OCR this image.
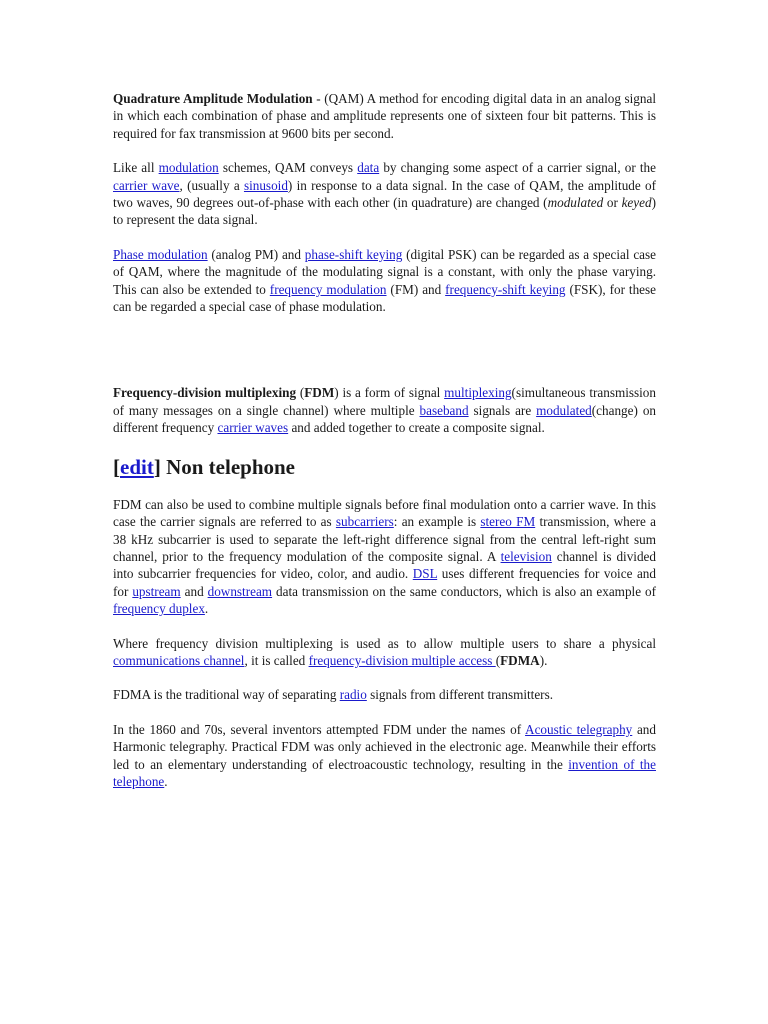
Quadrature Amplitude Modulation - (QAM) A method for encoding digital data in an analog signal in which each combination of phase and amplitude represents one of sixteen four bit patterns. This is required for fax transmission at 9600 bits per second.

Like all modulation schemes, QAM conveys data by changing some aspect of a carrier signal, or the carrier wave, (usually a sinusoid) in response to a data signal. In the case of QAM, the amplitude of two waves, 90 degrees out-of-phase with each other (in quadrature) are changed (modulated or keyed) to represent the data signal.

Phase modulation (analog PM) and phase-shift keying (digital PSK) can be regarded as a special case of QAM, where the magnitude of the modulating signal is a constant, with only the phase varying. This can also be extended to frequency modulation (FM) and frequency-shift keying (FSK), for these can be regarded a special case of phase modulation.

Frequency-division multiplexing (FDM) is a form of signal multiplexing(simultaneous transmission of many messages on a single channel) where multiple baseband signals are modulated(change) on different frequency carrier waves and added together to create a composite signal.

[edit] Non telephone

FDM can also be used to combine multiple signals before final modulation onto a carrier wave. In this case the carrier signals are referred to as subcarriers: an example is stereo FM transmission, where a 38 kHz subcarrier is used to separate the left-right difference signal from the central left-right sum channel, prior to the frequency modulation of the composite signal. A television channel is divided into subcarrier frequencies for video, color, and audio. DSL uses different frequencies for voice and for upstream and downstream data transmission on the same conductors, which is also an example of frequency duplex.

Where frequency division multiplexing is used as to allow multiple users to share a physical communications channel, it is called frequency-division multiple access (FDMA).

FDMA is the traditional way of separating radio signals from different transmitters.

In the 1860 and 70s, several inventors attempted FDM under the names of Acoustic telegraphy and Harmonic telegraphy. Practical FDM was only achieved in the electronic age. Meanwhile their efforts led to an elementary understanding of electroacoustic technology, resulting in the invention of the telephone.
